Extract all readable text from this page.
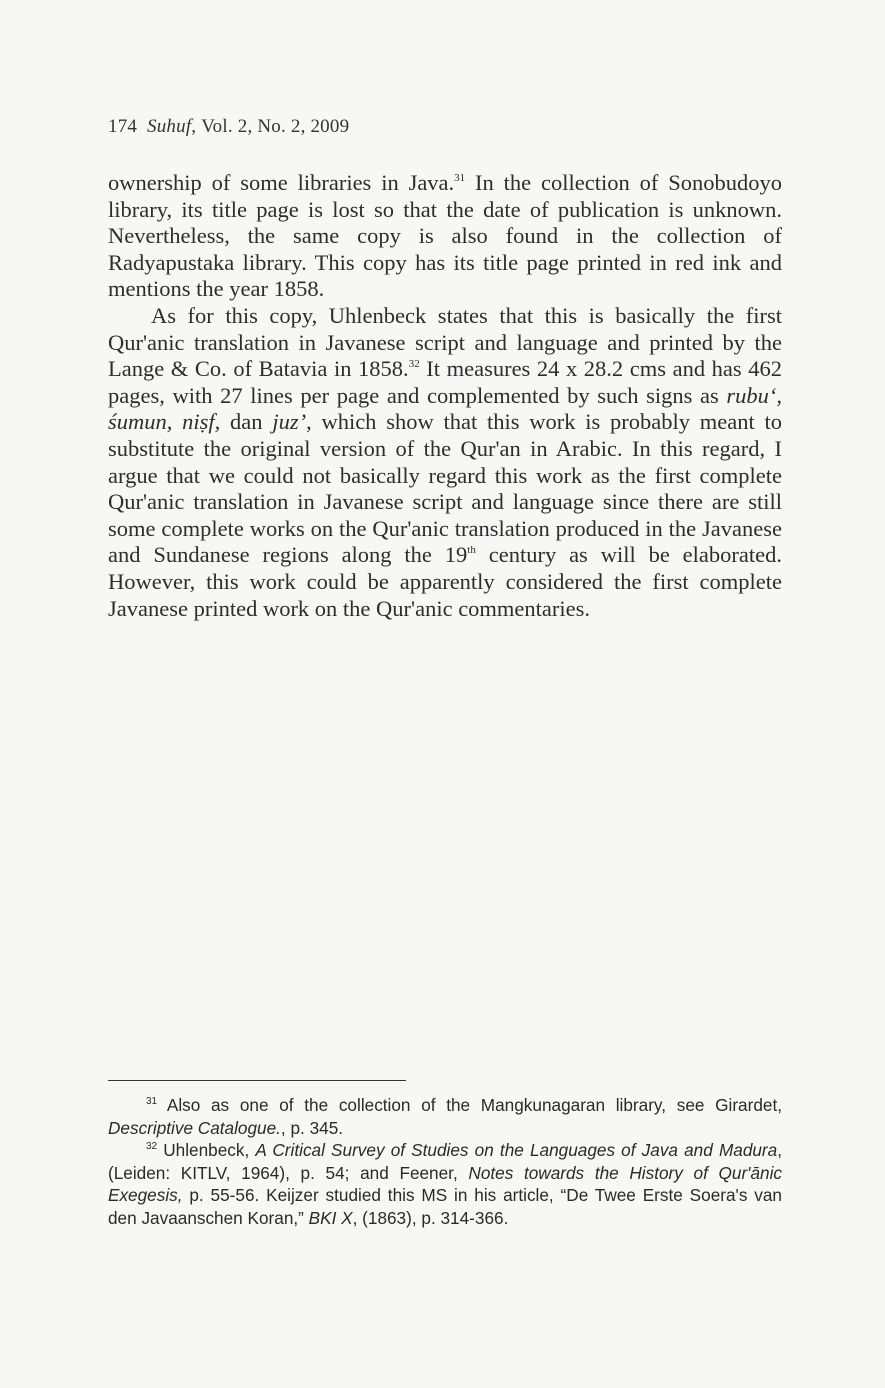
174 Suhuf, Vol. 2, No. 2, 2009

ownership of some libraries in Java.$^{31}$ In the collection of Sonobudoyo library, its title page is lost so that the date of publication is unknown. Nevertheless, the same copy is also found in the collection of Radyapustaka library. This copy has its title page printed in red ink and mentions the year 1858.

As for this copy, Uhlenbeck states that this is basically the first Qur'anic translation in Javanese script and language and printed by the Lange & Co. of Batavia in 1858.32 It measures 24 x 28.2 cms and has 462 pages, with 27 lines per page and complemented by such signs as rubu‘, śumun, niṣf, dan juz’, which show that this work is probably meant to substitute the original version of the Qur'an in Arabic. In this regard, I argue that we could not basically regard this work as the first complete Qur'anic translation in Javanese script and language since there are still some complete works on the Qur'anic translation produced in the Javanese and Sundanese regions along the 19th century as will be elaborated. However, this work could be apparently considered the first complete Javanese printed work on the Qur'anic commentaries.

$^{31}$ Also as one of the collection of the Mangkunagaran library, see Girardet, Descriptive Catalogue., p. 345.

$^{32}$ Uhlenbeck, A Critical Survey of Studies on the Languages of Java and Madura, (Leiden: KITLV, 1964), p. 54; and Feener, Notes towards the History of Qur'ānic Exegesis, p. 55-56. Keijzer studied this MS in his article, “De Twee Erste Soera's van den Javaanschen Koran,” BKI X, (1863), p. 314-366.
